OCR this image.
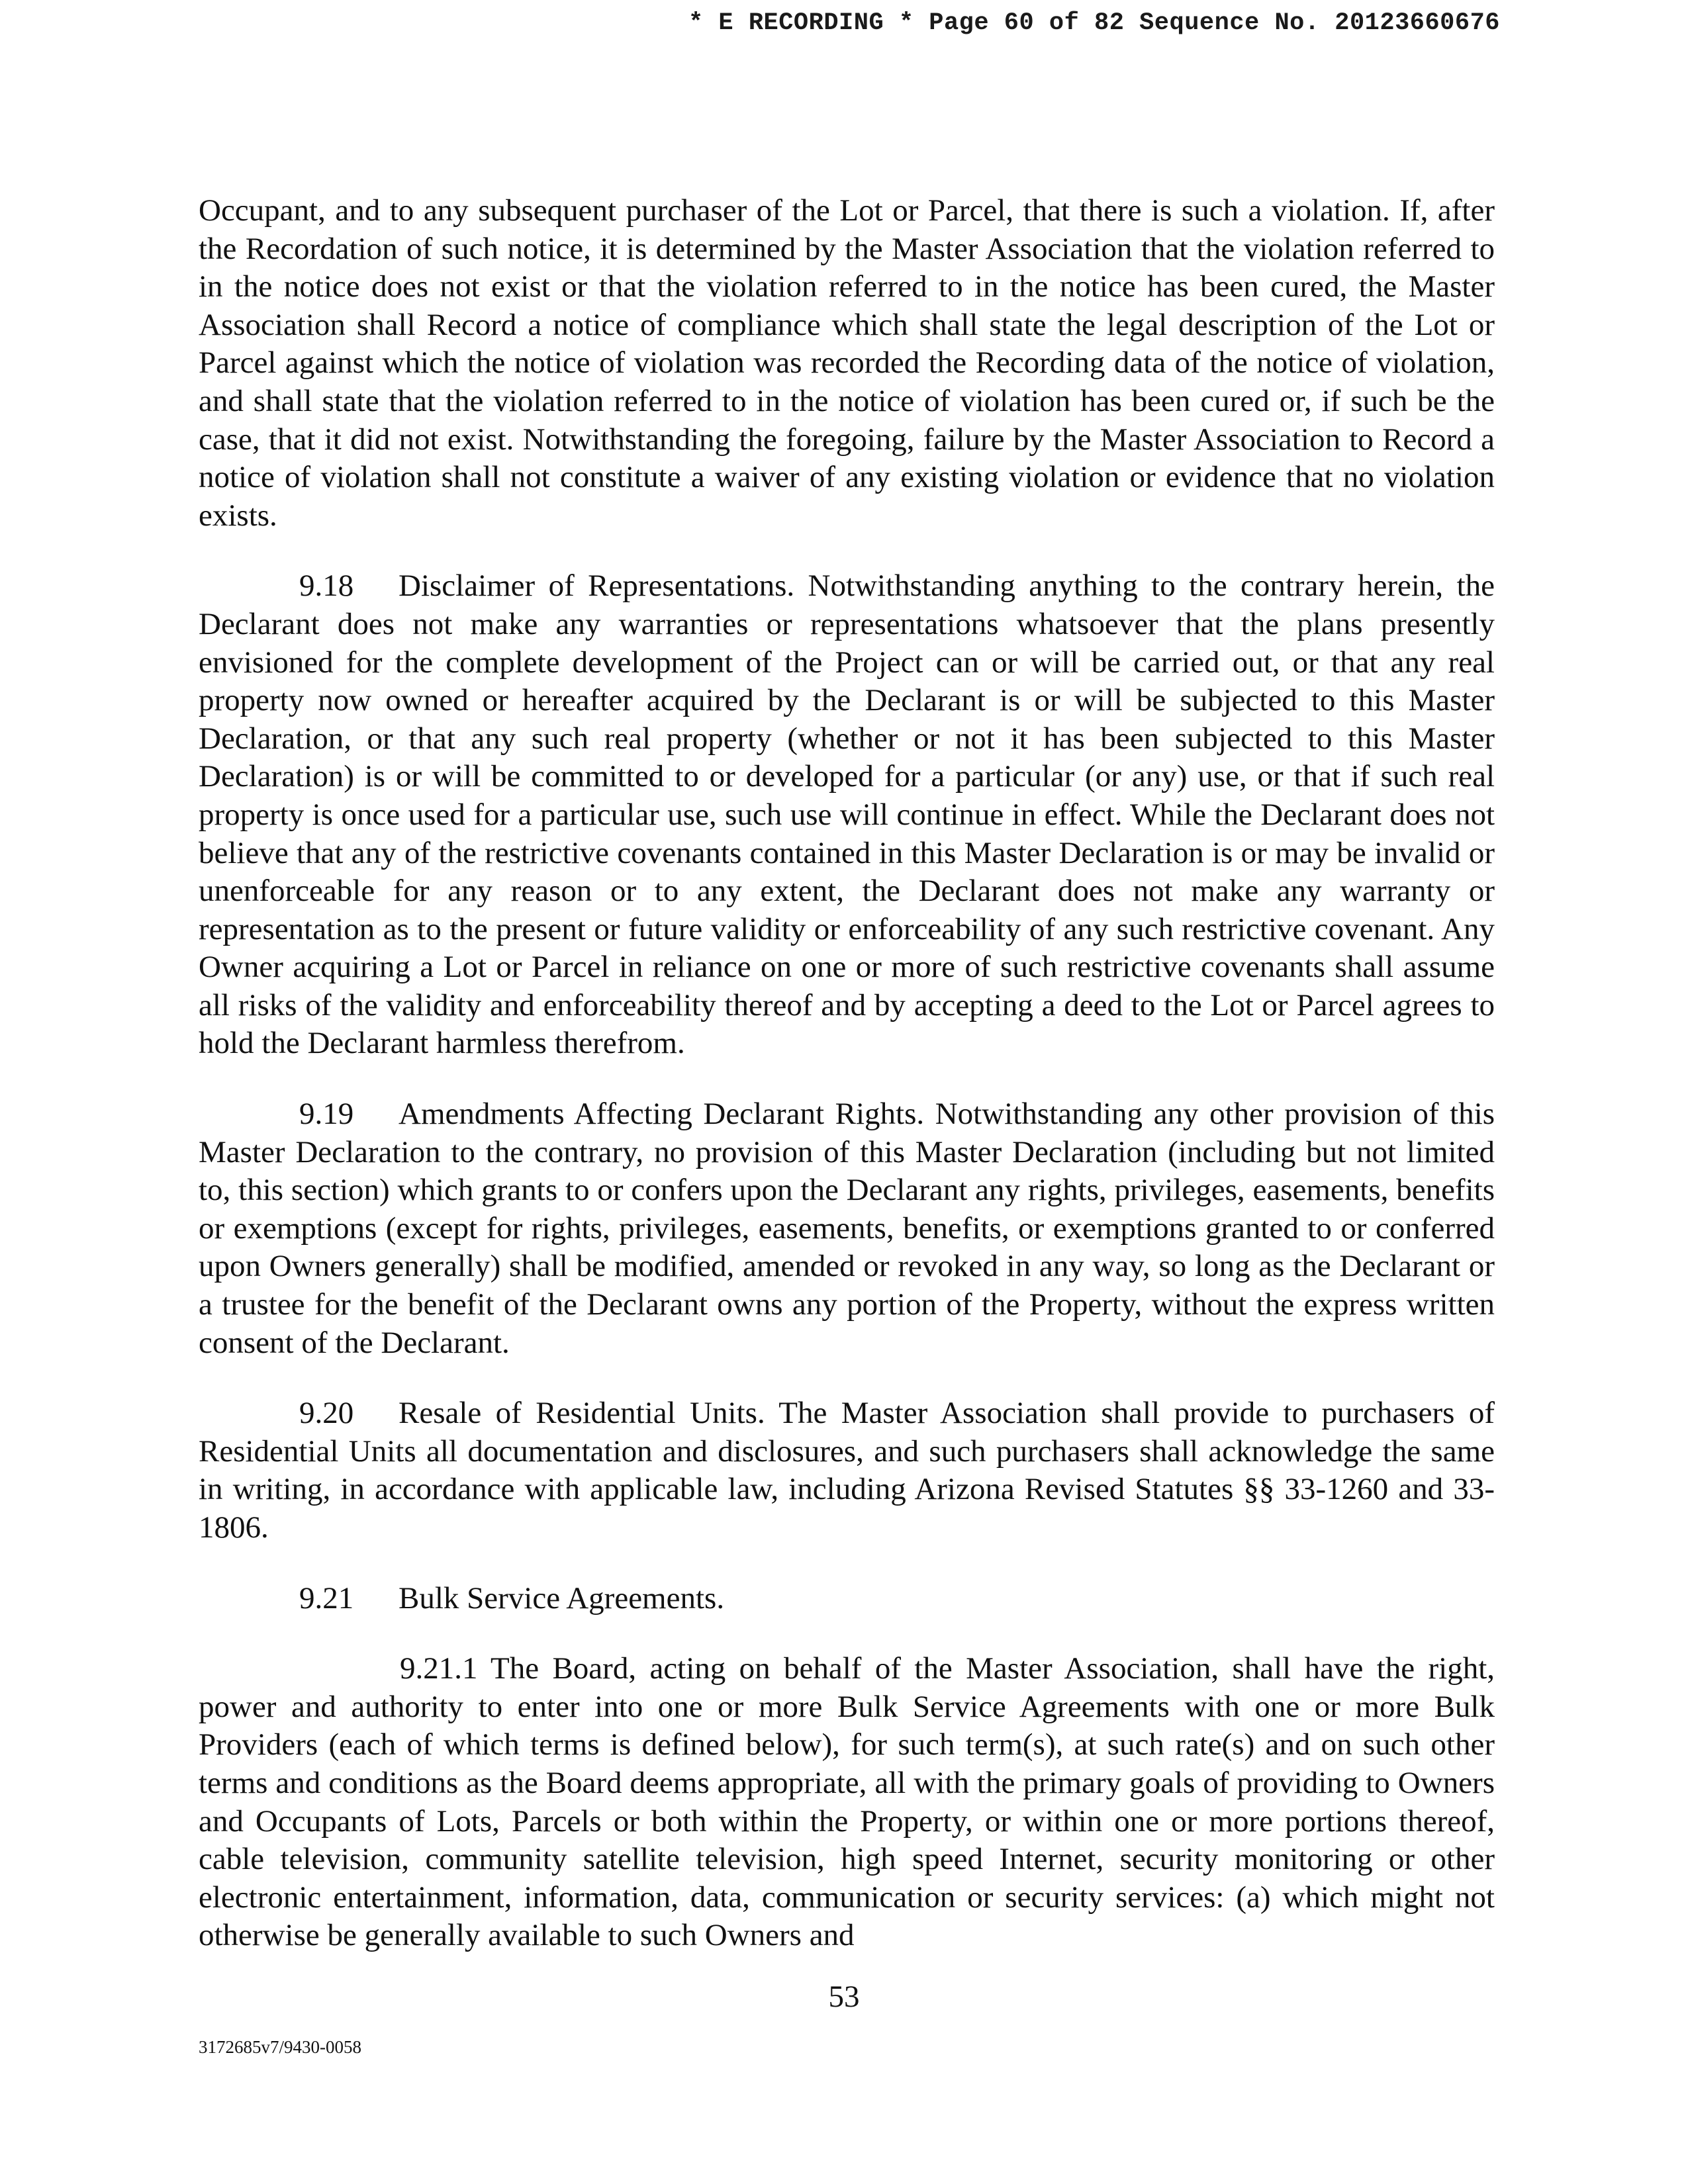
* E RECORDING * Page 60 of 82 Sequence No. 20123660676

Occupant, and to any subsequent purchaser of the Lot or Parcel, that there is such a violation. If, after the Recordation of such notice, it is determined by the Master Association that the violation referred to in the notice does not exist or that the violation referred to in the notice has been cured, the Master Association shall Record a notice of compliance which shall state the legal description of the Lot or Parcel against which the notice of violation was recorded the Recording data of the notice of violation, and shall state that the violation referred to in the notice of violation has been cured or, if such be the case, that it did not exist. Notwithstanding the foregoing, failure by the Master Association to Record a notice of violation shall not constitute a waiver of any existing violation or evidence that no violation exists.

9.18 Disclaimer of Representations. Notwithstanding anything to the contrary herein, the Declarant does not make any warranties or representations whatsoever that the plans presently envisioned for the complete development of the Project can or will be carried out, or that any real property now owned or hereafter acquired by the Declarant is or will be subjected to this Master Declaration, or that any such real property (whether or not it has been subjected to this Master Declaration) is or will be committed to or developed for a particular (or any) use, or that if such real property is once used for a particular use, such use will continue in effect. While the Declarant does not believe that any of the restrictive covenants contained in this Master Declaration is or may be invalid or unenforceable for any reason or to any extent, the Declarant does not make any warranty or representation as to the present or future validity or enforceability of any such restrictive covenant. Any Owner acquiring a Lot or Parcel in reliance on one or more of such restrictive covenants shall assume all risks of the validity and enforceability thereof and by accepting a deed to the Lot or Parcel agrees to hold the Declarant harmless therefrom.

9.19 Amendments Affecting Declarant Rights. Notwithstanding any other provision of this Master Declaration to the contrary, no provision of this Master Declaration (including but not limited to, this section) which grants to or confers upon the Declarant any rights, privileges, easements, benefits or exemptions (except for rights, privileges, easements, benefits, or exemptions granted to or conferred upon Owners generally) shall be modified, amended or revoked in any way, so long as the Declarant or a trustee for the benefit of the Declarant owns any portion of the Property, without the express written consent of the Declarant.

9.20 Resale of Residential Units. The Master Association shall provide to purchasers of Residential Units all documentation and disclosures, and such purchasers shall acknowledge the same in writing, in accordance with applicable law, including Arizona Revised Statutes §§ 33-1260 and 33-1806.

9.21 Bulk Service Agreements.

9.21.1 The Board, acting on behalf of the Master Association, shall have the right, power and authority to enter into one or more Bulk Service Agreements with one or more Bulk Providers (each of which terms is defined below), for such term(s), at such rate(s) and on such other terms and conditions as the Board deems appropriate, all with the primary goals of providing to Owners and Occupants of Lots, Parcels or both within the Property, or within one or more portions thereof, cable television, community satellite television, high speed Internet, security monitoring or other electronic entertainment, information, data, communication or security services: (a) which might not otherwise be generally available to such Owners and

53
3172685v7/9430-0058
